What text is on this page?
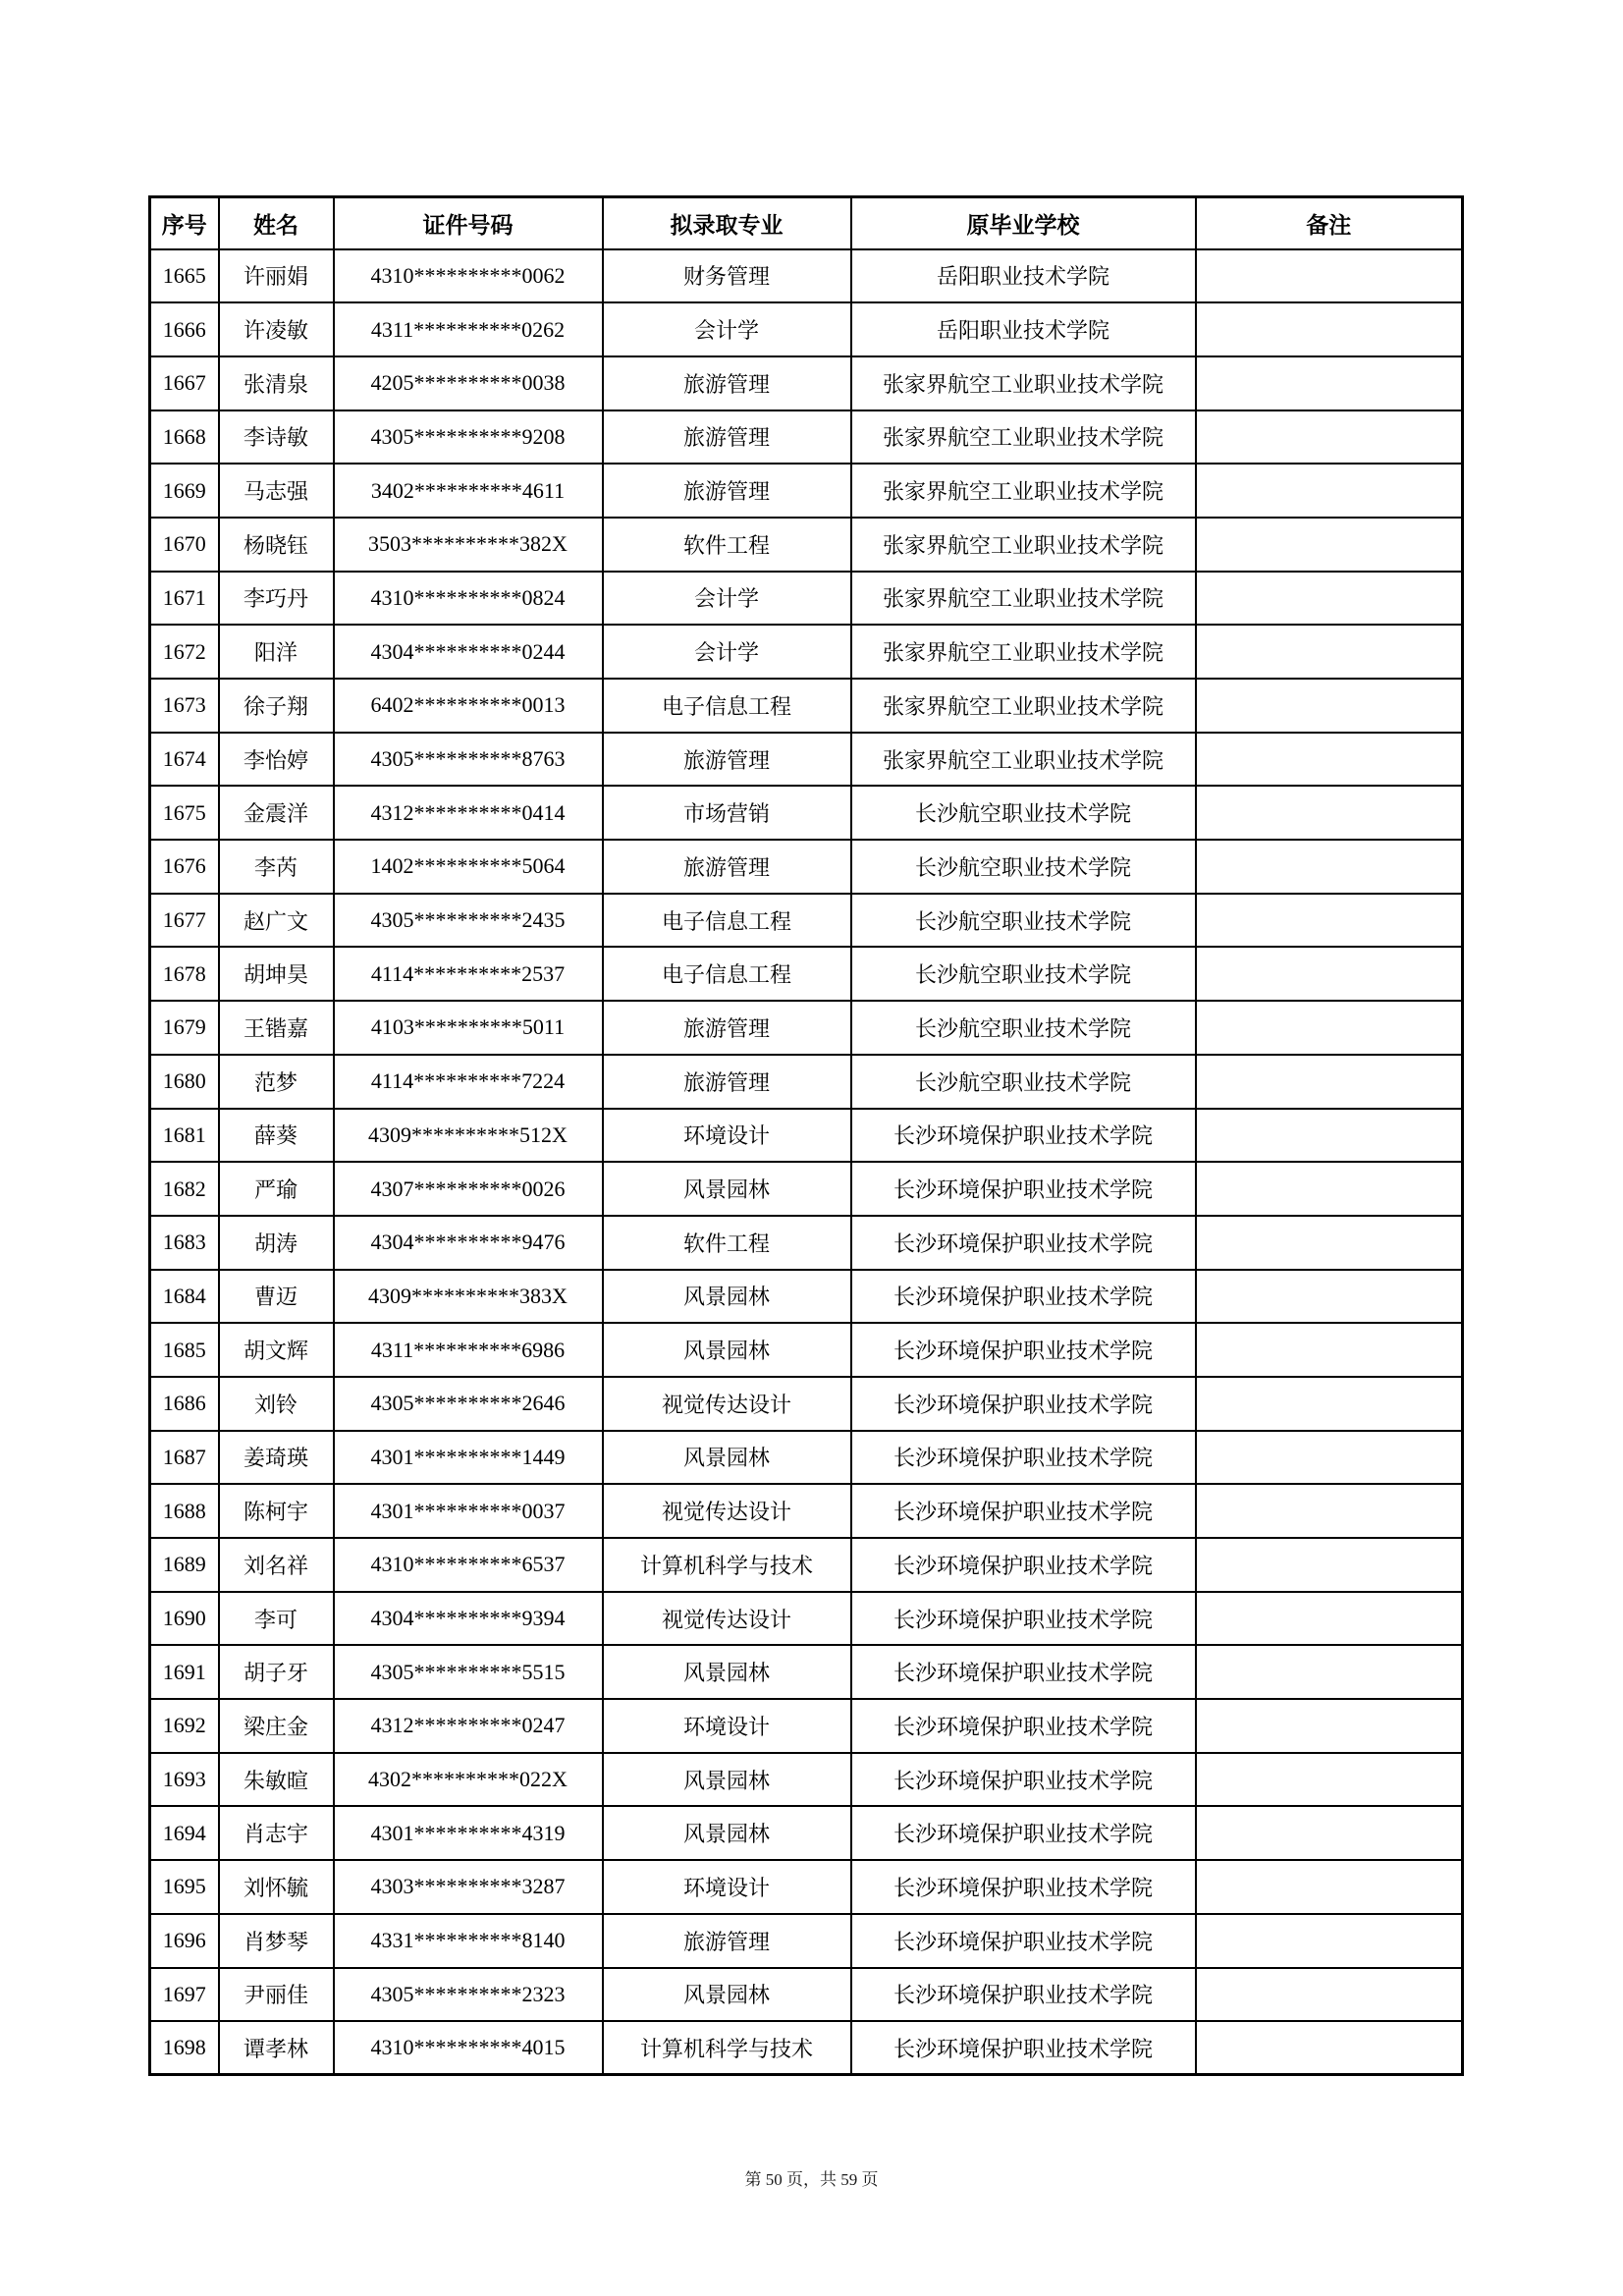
序号	姓名	证件号码	拟录取专业	原毕业学校	备注
1665	许丽娟	4310**********0062	财务管理	岳阳职业技术学院	
1666	许凌敏	4311**********0262	会计学	岳阳职业技术学院	
1667	张清泉	4205**********0038	旅游管理	张家界航空工业职业技术学院	
1668	李诗敏	4305**********9208	旅游管理	张家界航空工业职业技术学院	
1669	马志强	3402**********4611	旅游管理	张家界航空工业职业技术学院	
1670	杨晓钰	3503**********382X	软件工程	张家界航空工业职业技术学院	
1671	李巧丹	4310**********0824	会计学	张家界航空工业职业技术学院	
1672	阳洋	4304**********0244	会计学	张家界航空工业职业技术学院	
1673	徐子翔	6402**********0013	电子信息工程	张家界航空工业职业技术学院	
1674	李怡婷	4305**********8763	旅游管理	张家界航空工业职业技术学院	
1675	金震洋	4312**********0414	市场营销	长沙航空职业技术学院	
1676	李芮	1402**********5064	旅游管理	长沙航空职业技术学院	
1677	赵广文	4305**********2435	电子信息工程	长沙航空职业技术学院	
1678	胡坤昊	4114**********2537	电子信息工程	长沙航空职业技术学院	
1679	王锴嘉	4103**********5011	旅游管理	长沙航空职业技术学院	
1680	范梦	4114**********7224	旅游管理	长沙航空职业技术学院	
1681	薛葵	4309**********512X	环境设计	长沙环境保护职业技术学院	
1682	严瑜	4307**********0026	风景园林	长沙环境保护职业技术学院	
1683	胡涛	4304**********9476	软件工程	长沙环境保护职业技术学院	
1684	曹迈	4309**********383X	风景园林	长沙环境保护职业技术学院	
1685	胡文辉	4311**********6986	风景园林	长沙环境保护职业技术学院	
1686	刘铃	4305**********2646	视觉传达设计	长沙环境保护职业技术学院	
1687	姜琦瑛	4301**********1449	风景园林	长沙环境保护职业技术学院	
1688	陈柯宇	4301**********0037	视觉传达设计	长沙环境保护职业技术学院	
1689	刘名祥	4310**********6537	计算机科学与技术	长沙环境保护职业技术学院	
1690	李可	4304**********9394	视觉传达设计	长沙环境保护职业技术学院	
1691	胡子牙	4305**********5515	风景园林	长沙环境保护职业技术学院	
1692	梁庄金	4312**********0247	环境设计	长沙环境保护职业技术学院	
1693	朱敏暄	4302**********022X	风景园林	长沙环境保护职业技术学院	
1694	肖志宇	4301**********4319	风景园林	长沙环境保护职业技术学院	
1695	刘怀毓	4303**********3287	环境设计	长沙环境保护职业技术学院	
1696	肖梦琴	4331**********8140	旅游管理	长沙环境保护职业技术学院	
1697	尹丽佳	4305**********2323	风景园林	长沙环境保护职业技术学院	
1698	谭孝林	4310**********4015	计算机科学与技术	长沙环境保护职业技术学院	
第 50 页，共 59 页
